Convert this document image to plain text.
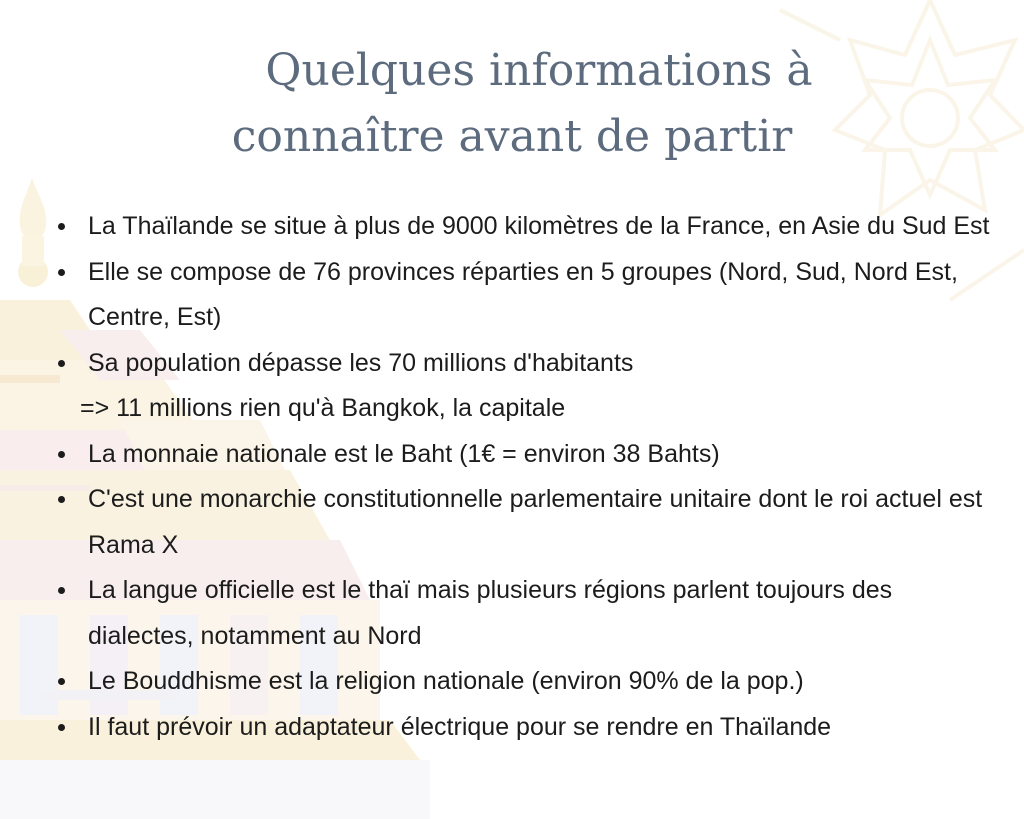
Quelques informations à
connaître avant de partir
La Thaïlande se situe à plus de 9000 kilomètres de la France, en Asie du Sud Est
Elle se compose de 76 provinces réparties en 5 groupes (Nord, Sud, Nord Est, Centre, Est)
Sa population dépasse les 70 millions d'habitants
=> 11 millions rien qu'à Bangkok, la capitale
La monnaie nationale est le Baht (1€ = environ 38 Bahts)
C'est une monarchie constitutionnelle parlementaire unitaire dont le roi actuel est Rama X
La langue officielle est le thaï mais plusieurs régions parlent toujours des dialectes, notamment au Nord
Le Bouddhisme est la religion nationale (environ 90% de la pop.)
Il faut prévoir un adaptateur électrique pour se rendre en Thaïlande
